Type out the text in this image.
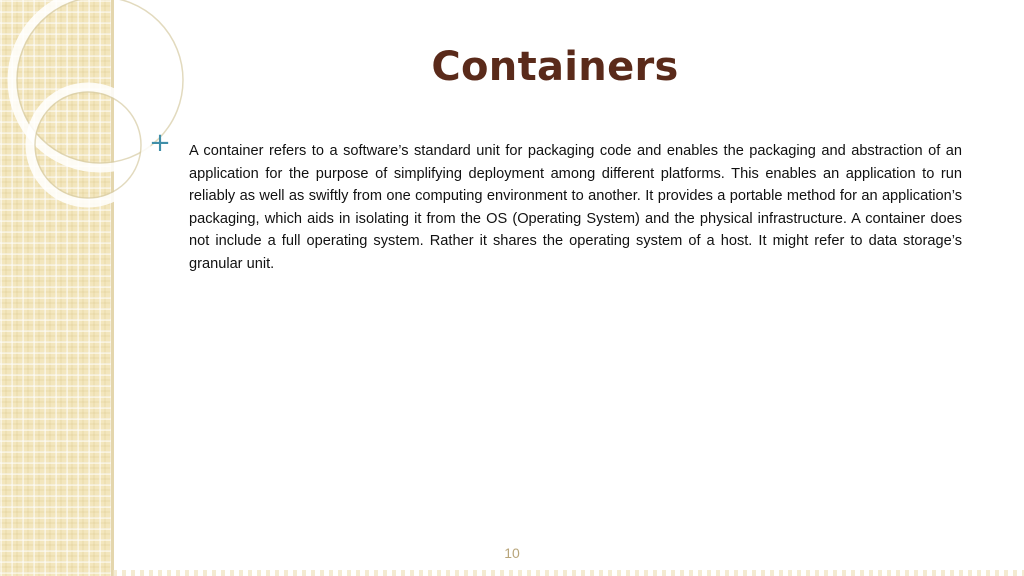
Containers
+ A container refers to a software’s standard unit for packaging code and enables the packaging and abstraction of an application for the purpose of simplifying deployment among different platforms. This enables an application to run reliably as well as swiftly from one computing environment to another. It provides a portable method for an application’s packaging, which aids in isolating it from the OS (Operating System) and the physical infrastructure. A container does not include a full operating system. Rather it shares the operating system of a host. It might refer to data storage’s granular unit.

10
